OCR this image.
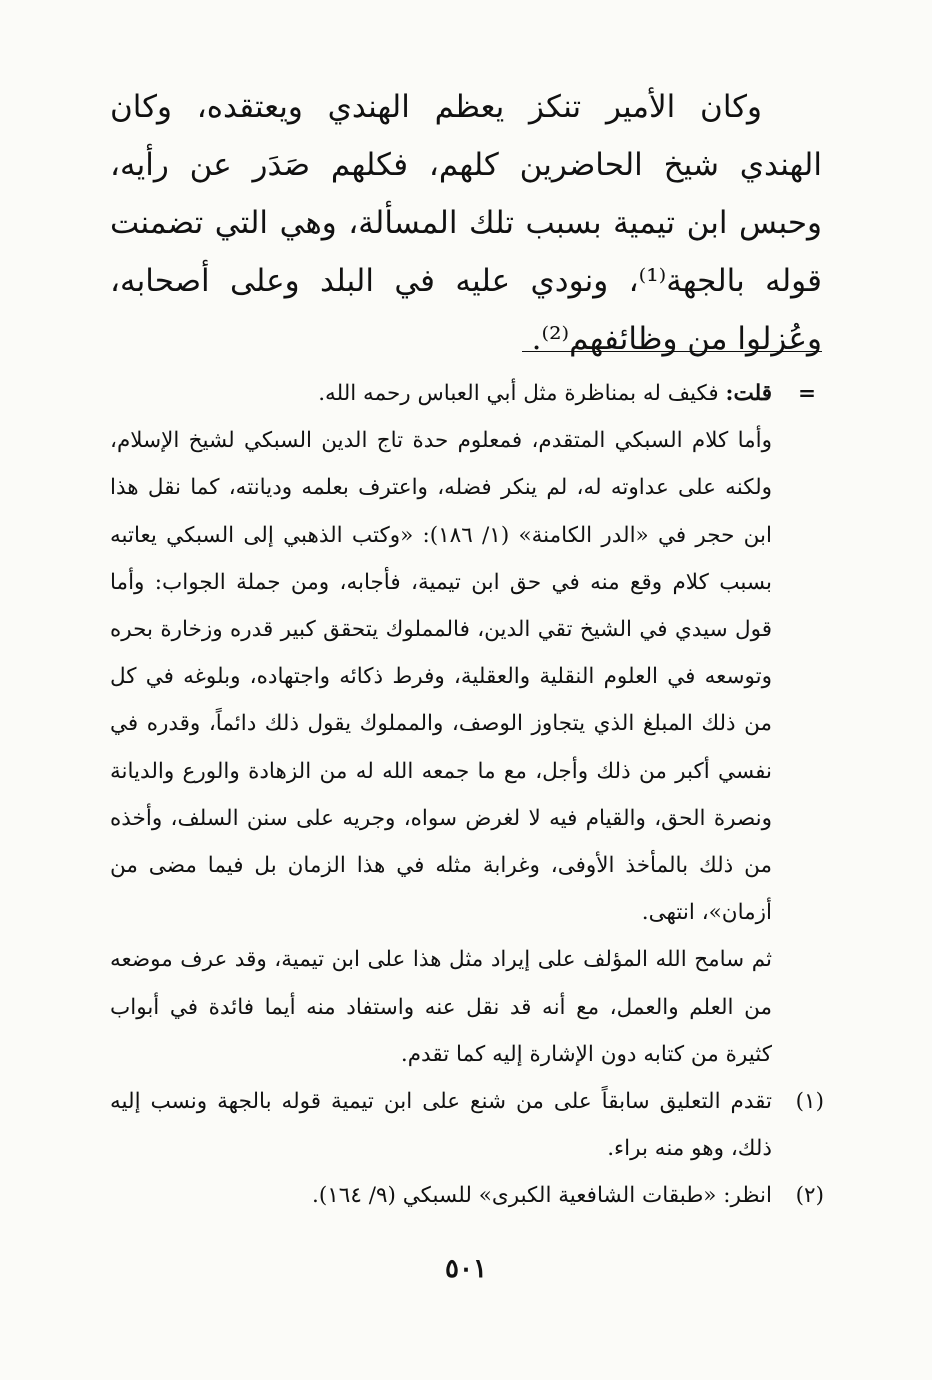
وكان الأمير تنكز يعظم الهندي ويعتقده، وكان الهندي شيخ الحاضرين كلهم، فكلهم صَدَر عن رأيه، وحبس ابن تيمية بسبب تلك المسألة، وهي التي تضمنت قوله بالجهة⁽¹⁾، ونودي عليه في البلد وعلى أصحابه، وعُزلوا من وظائفهم⁽²⁾.

=
قلت: فكيف له بمناظرة مثل أبي العباس رحمه الله.

وأما كلام السبكي المتقدم، فمعلوم حدة تاج الدين السبكي لشيخ الإسلام، ولكنه على عداوته له، لم ينكر فضله، واعترف بعلمه وديانته، كما نقل هذا ابن حجر في «الدر الكامنة» (١/ ١٨٦): «وكتب الذهبي إلى السبكي يعاتبه بسبب كلام وقع منه في حق ابن تيمية، فأجابه، ومن جملة الجواب: وأما قول سيدي في الشيخ تقي الدين، فالمملوك يتحقق كبير قدره وزخارة بحره وتوسعه في العلوم النقلية والعقلية، وفرط ذكائه واجتهاده، وبلوغه في كل من ذلك المبلغ الذي يتجاوز الوصف، والمملوك يقول ذلك دائماً، وقدره في نفسي أكبر من ذلك وأجل، مع ما جمعه الله له من الزهادة والورع والديانة ونصرة الحق، والقيام فيه لا لغرض سواه، وجريه على سنن السلف، وأخذه من ذلك بالمأخذ الأوفى، وغرابة مثله في هذا الزمان بل فيما مضى من أزمان»، انتهى.

ثم سامح الله المؤلف على إيراد مثل هذا على ابن تيمية، وقد عرف موضعه من العلم والعمل، مع أنه قد نقل عنه واستفاد منه أيما فائدة في أبواب كثيرة من كتابه دون الإشارة إليه كما تقدم.

(١)
تقدم التعليق سابقاً على من شنع على ابن تيمية قوله بالجهة ونسب إليه ذلك، وهو منه براء.

(٢)
انظر: «طبقات الشافعية الكبرى» للسبكي (٩/ ١٦٤).

٥٠١
